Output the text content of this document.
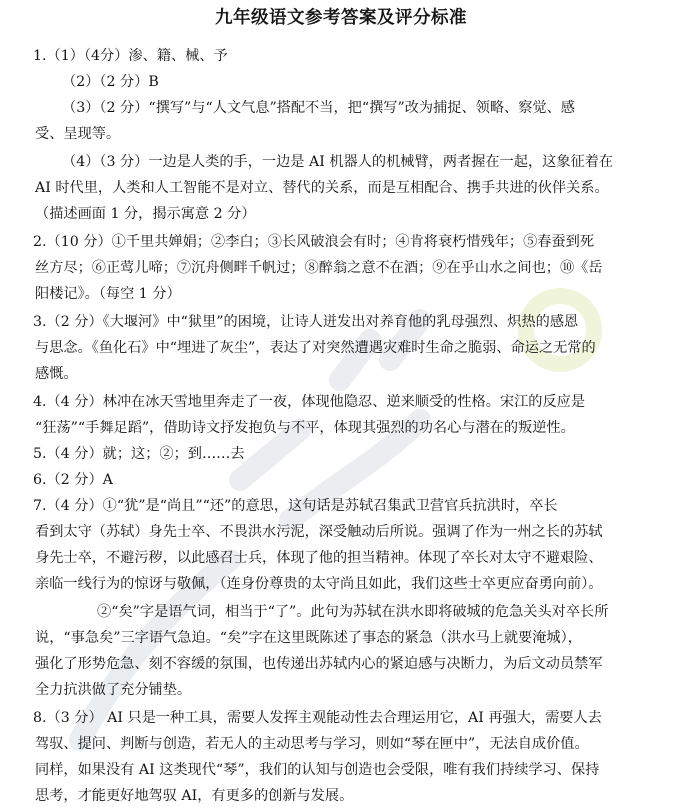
九年级语文参考答案及评分标准
1.（1）（4分）渗、籍、械、予
（2）（2 分）B
（3）（2 分）“撰写”与“人文气息”搭配不当，把“撰写”改为捕捉、领略、察觉、感
受、呈现等。
（4）（3 分）一边是人类的手，一边是 AI 机器人的机械臂，两者握在一起，这象征着在
AI 时代里，人类和人工智能不是对立、替代的关系，而是互相配合、携手共进的伙伴关系。
（描述画面 1 分，揭示寓意 2 分）
2.（10 分）①千里共婵娟；②李白；③长风破浪会有时；④肯将衰朽惜残年；⑤春蚕到死
丝方尽；⑥正莺儿啼；⑦沉舟侧畔千帆过；⑧醉翁之意不在酒；⑨在乎山水之间也；⑩《岳
阳楼记》。（每空 1 分）
3.（2 分）《大堰河》中“狱里”的困境，让诗人迸发出对养育他的乳母强烈、炽热的感恩
与思念。《鱼化石》中“埋进了灰尘”，表达了对突然遭遇灾难时生命之脆弱、命运之无常的
感慨。
4.（4 分）林冲在冰天雪地里奔走了一夜，体现他隐忍、逆来顺受的性格。宋江的反应是
“狂荡”“手舞足蹈”，借助诗文抒发抱负与不平，体现其强烈的功名心与潜在的叛逆性。
5.（4 分）就；这；②；到……去
6.（2 分）A
7.（4 分）①“犹”是“尚且”“还”的意思，这句话是苏轼召集武卫营官兵抗洪时，卒长
看到太守（苏轼）身先士卒、不畏洪水污泥，深受触动后所说。强调了作为一州之长的苏轼
身先士卒，不避污秽，以此感召士兵，体现了他的担当精神。体现了卒长对太守不避艰险、
亲临一线行为的惊讶与敬佩，（连身份尊贵的太守尚且如此，我们这些士卒更应奋勇向前）。
②“矣”字是语气词，相当于“了”。此句为苏轼在洪水即将破城的危急关头对卒长所
说，“事急矣”三字语气急迫。“矣”字在这里既陈述了事态的紧急（洪水马上就要淹城），
强化了形势危急、刻不容缓的氛围，也传递出苏轼内心的紧迫感与决断力，为后文动员禁军
全力抗洪做了充分铺垫。
8.（3 分） AI 只是一种工具，需要人发挥主观能动性去合理运用它，AI 再强大，需要人去
驾驭、提问、判断与创造，若无人的主动思考与学习，则如“琴在匣中”，无法自成价值。
同样，如果没有 AI 这类现代“琴”，我们的认知与创造也会受限，唯有我们持续学习、保持
思考，才能更好地驾驭 AI，有更多的创新与发展。
